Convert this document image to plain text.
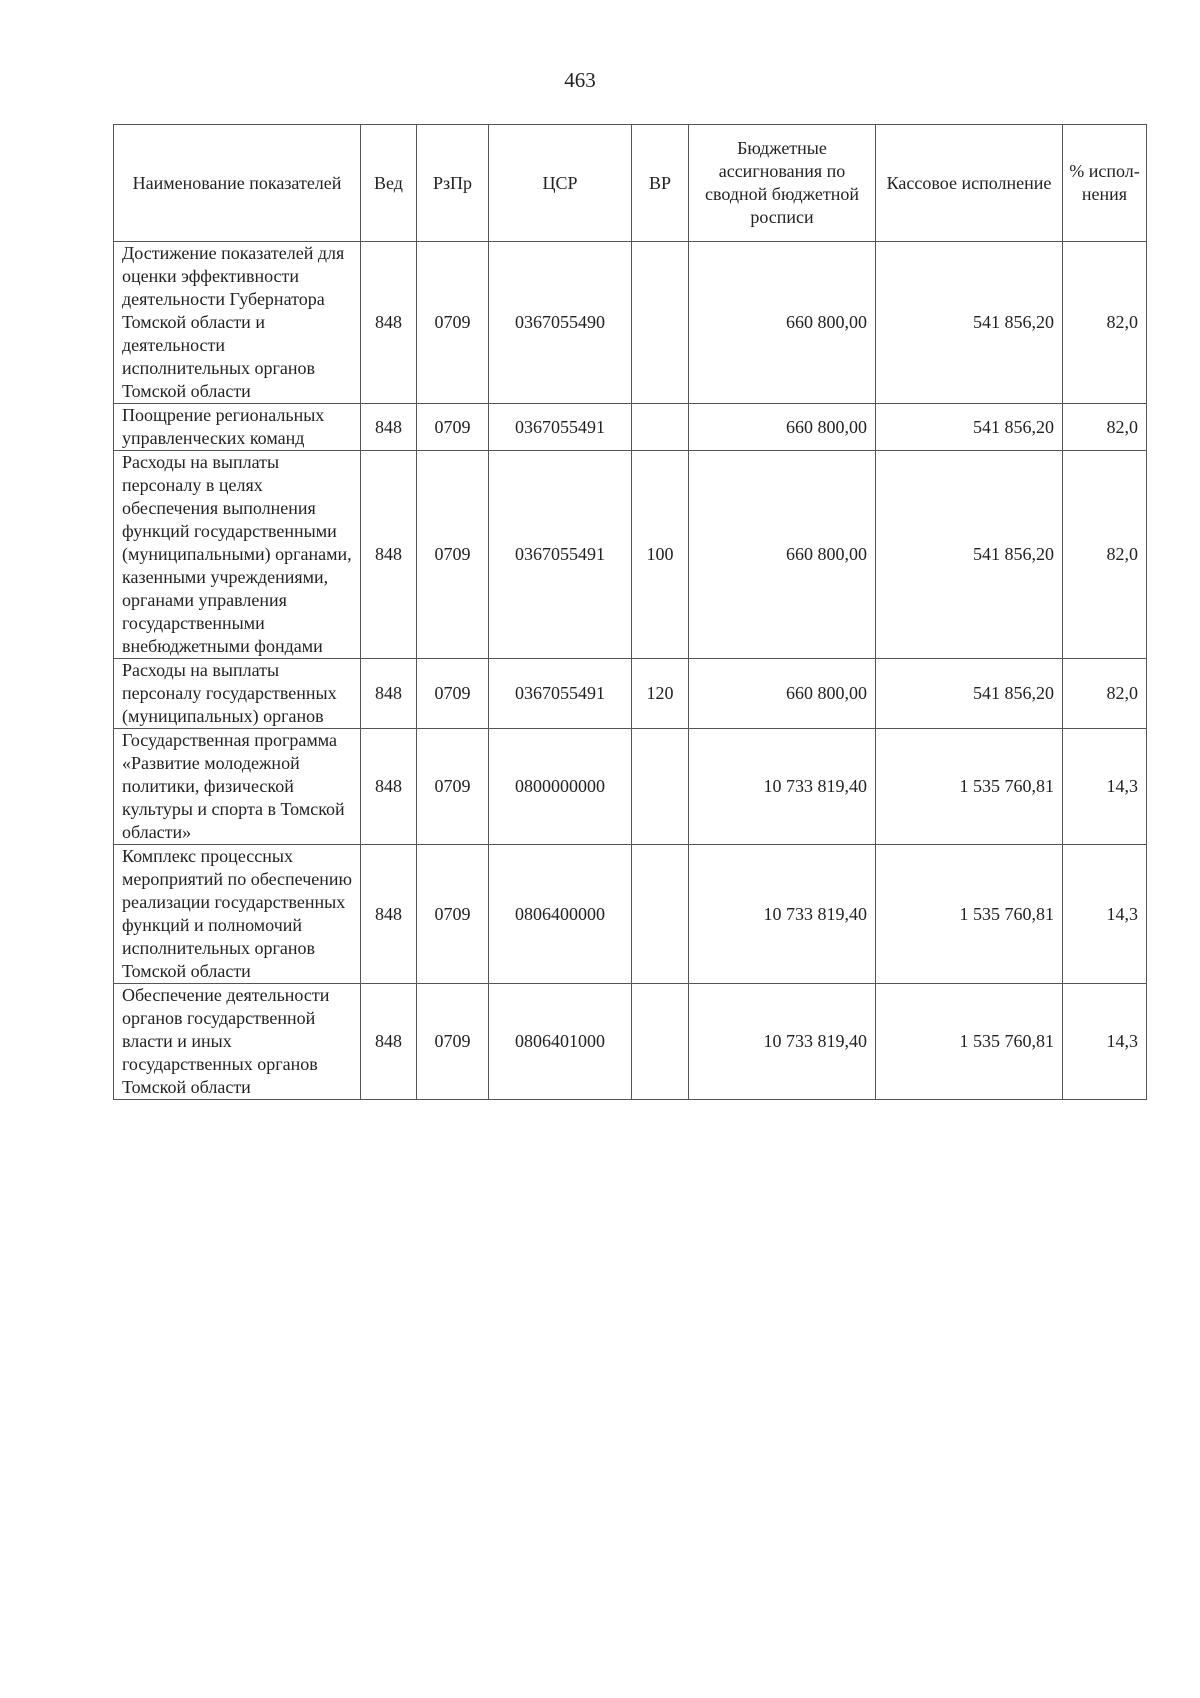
463
Наименование показателей	Вед	РзПр	ЦСР	ВР	Бюджетные ассигнования по сводной бюджетной росписи	Кассовое исполнение	% испол-нения
Достижение показателей для оценки эффективности деятельности Губернатора Томской области и деятельности исполнительных органов Томской области	848	0709	0367055490		660 800,00	541 856,20	82,0
Поощрение региональных управленческих команд	848	0709	0367055491		660 800,00	541 856,20	82,0
Расходы на выплаты персоналу в целях обеспечения выполнения функций государственными (муниципальными) органами, казенными учреждениями, органами управления государственными внебюджетными фондами	848	0709	0367055491	100	660 800,00	541 856,20	82,0
Расходы на выплаты персоналу государственных (муниципальных) органов	848	0709	0367055491	120	660 800,00	541 856,20	82,0
Государственная программа «Развитие молодежной политики, физической культуры и спорта в Томской области»	848	0709	0800000000		10 733 819,40	1 535 760,81	14,3
Комплекс процессных мероприятий по обеспечению реализации государственных функций и полномочий исполнительных органов Томской области	848	0709	0806400000		10 733 819,40	1 535 760,81	14,3
Обеспечение деятельности органов государственной власти и иных государственных органов Томской области	848	0709	0806401000		10 733 819,40	1 535 760,81	14,3
